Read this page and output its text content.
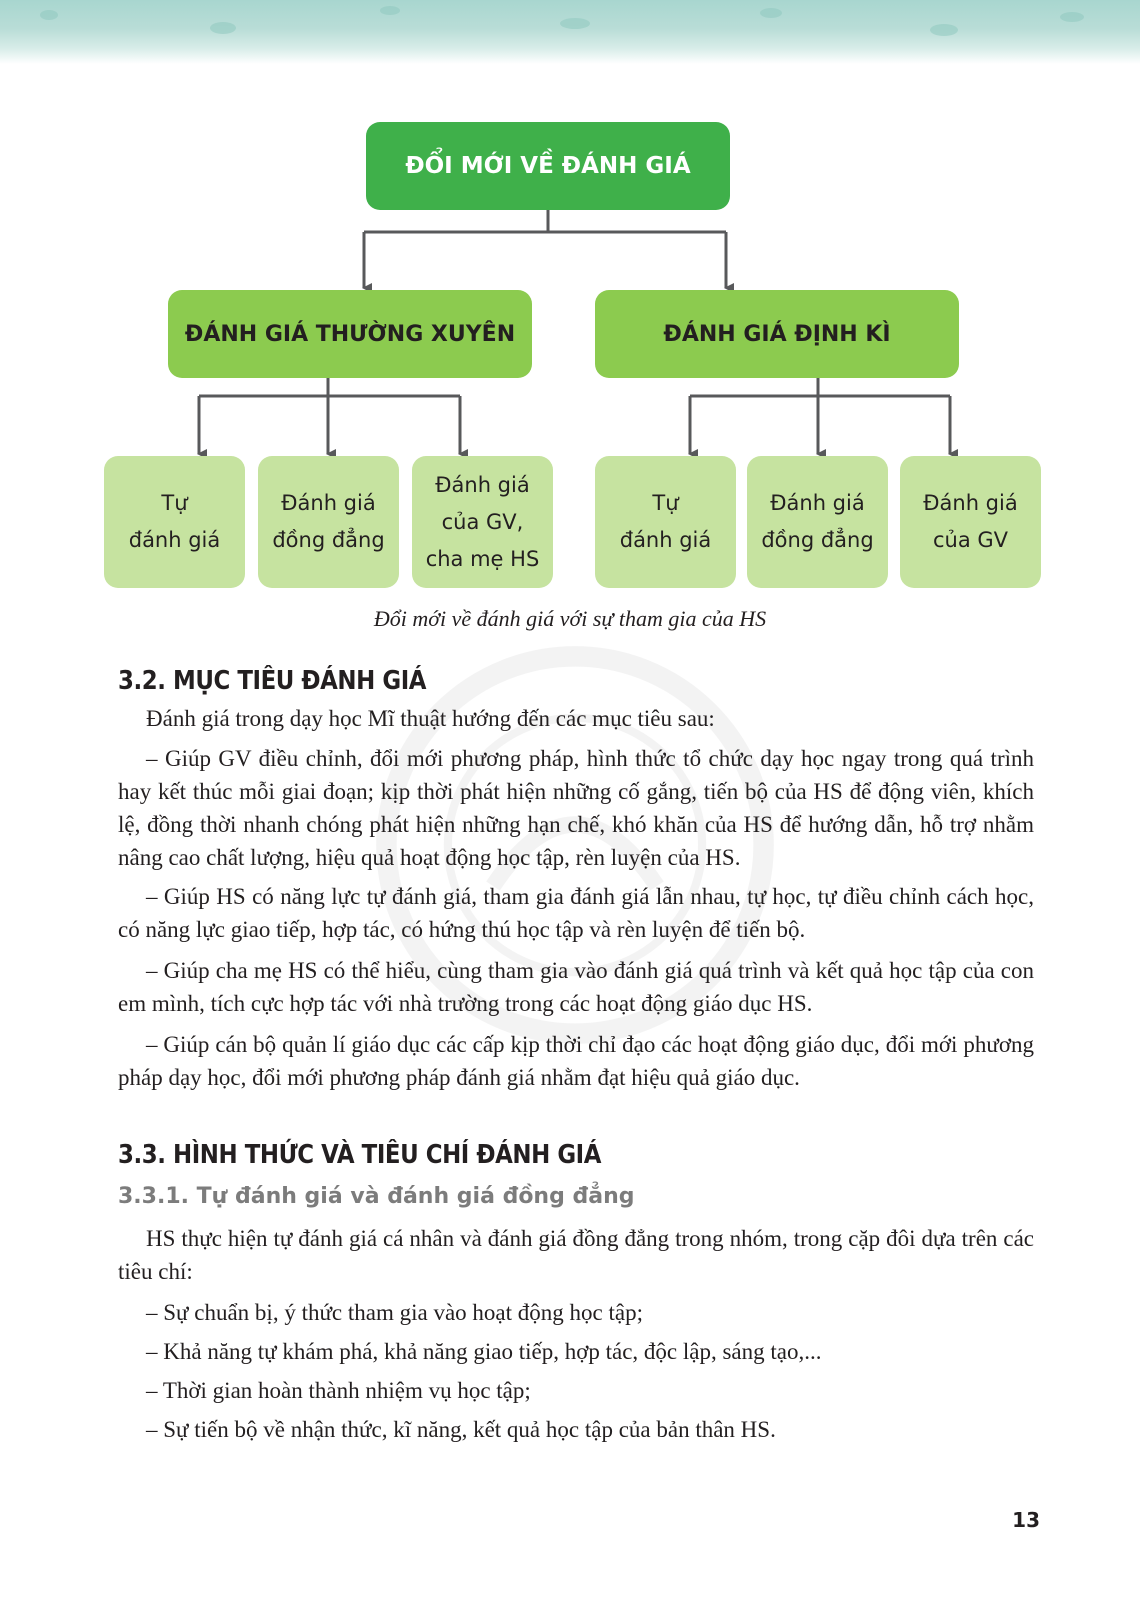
ĐỔI MỚI VỀ ĐÁNH GIÁ
ĐÁNH GIÁ THƯỜNG XUYÊN	ĐÁNH GIÁ ĐỊNH KÌ
Tự
đánh giá
Đánh giá
đồng đẳng
Đánh giá
của GV,
cha mẹ HS
Tự
đánh giá
Đánh giá
đồng đẳng
Đánh giá
của GV
Đổi mới về đánh giá với sự tham gia của HS
3.2. MỤC TIÊU ĐÁNH GIÁ

Đánh giá trong dạy học Mĩ thuật hướng đến các mục tiêu sau:

– Giúp GV điều chỉnh, đổi mới phương pháp, hình thức tổ chức dạy học ngay trong quá trình hay kết thúc mỗi giai đoạn; kịp thời phát hiện những cố gắng, tiến bộ của HS để động viên, khích lệ, đồng thời nhanh chóng phát hiện những hạn chế, khó khăn của HS để hướng dẫn, hỗ trợ nhằm nâng cao chất lượng, hiệu quả hoạt động học tập, rèn luyện của HS.

– Giúp HS có năng lực tự đánh giá, tham gia đánh giá lẫn nhau, tự học, tự điều chỉnh cách học, có năng lực giao tiếp, hợp tác, có hứng thú học tập và rèn luyện để tiến bộ.

– Giúp cha mẹ HS có thể hiểu, cùng tham gia vào đánh giá quá trình và kết quả học tập của con em mình, tích cực hợp tác với nhà trường trong các hoạt động giáo dục HS.

– Giúp cán bộ quản lí giáo dục các cấp kịp thời chỉ đạo các hoạt động giáo dục, đổi mới phương pháp dạy học, đổi mới phương pháp đánh giá nhằm đạt hiệu quả giáo dục.

3.3. HÌNH THỨC VÀ TIÊU CHÍ ĐÁNH GIÁ
3.3.1. Tự đánh giá và đánh giá đồng đẳng

HS thực hiện tự đánh giá cá nhân và đánh giá đồng đẳng trong nhóm, trong cặp đôi dựa trên các tiêu chí:

– Sự chuẩn bị, ý thức tham gia vào hoạt động học tập;

– Khả năng tự khám phá, khả năng giao tiếp, hợp tác, độc lập, sáng tạo,...

– Thời gian hoàn thành nhiệm vụ học tập;

– Sự tiến bộ về nhận thức, kĩ năng, kết quả học tập của bản thân HS.

13
